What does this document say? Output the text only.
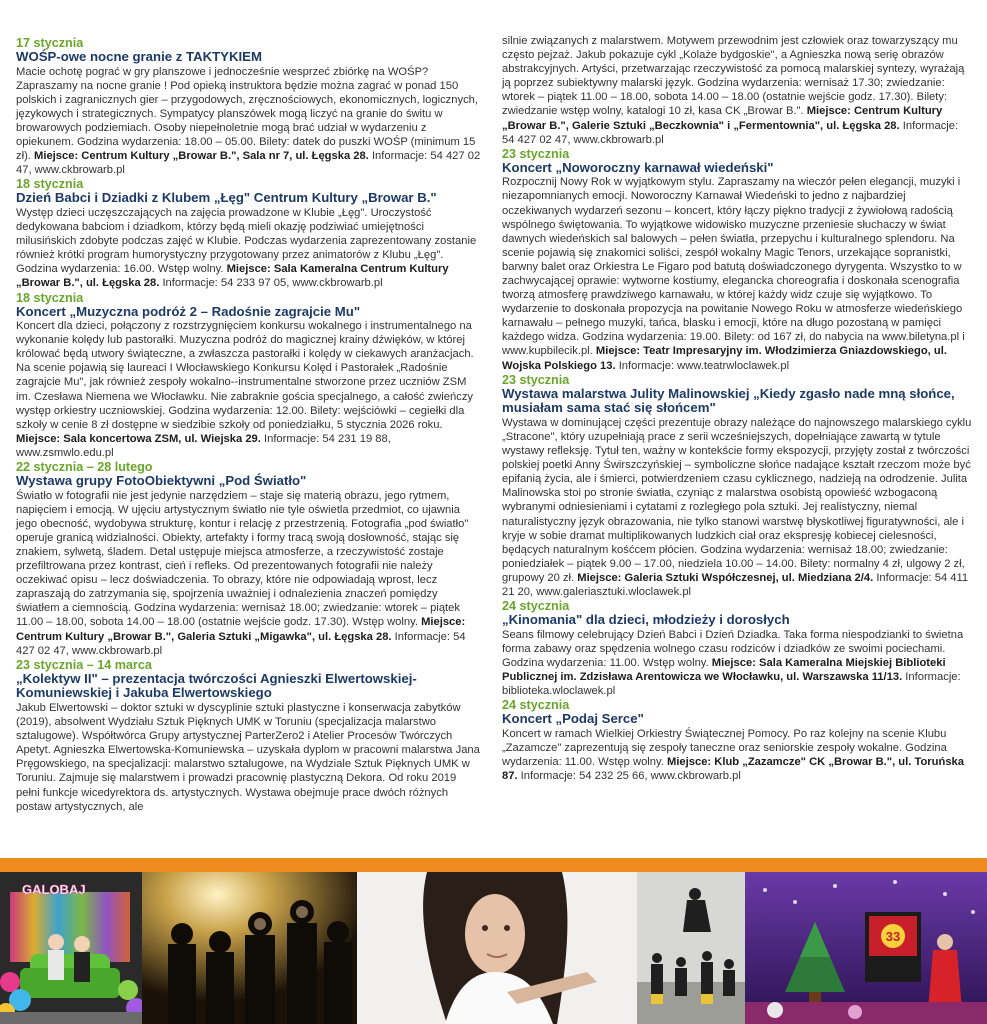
17 stycznia
WOŚP-owe nocne granie z TAKTYKIEM
Macie ochotę pograć w gry planszowe i jednocześnie wesprzeć zbiórkę na WOŚP? Zapraszamy na nocne granie ! Pod opieką instruktora będzie można zagrać w ponad 150 polskich i zagranicznych gier – przygodowych, zręcznościowych, ekonomicznych, logicznych, językowych i strategicznych. Sympatycy planszówek mogą liczyć na granie do świtu w browarowych podziemiach. Osoby niepełnoletnie mogą brać udział w wydarzeniu z opiekunem. Godzina wydarzenia: 18.00 – 05.00. Bilety: datek do puszki WOŚP (minimum 15 zł). Miejsce: Centrum Kultury „Browar B.", Sala nr 7, ul. Łęgska 28. Informacje: 54 427 02 47, www.ckbrowarb.pl
18 stycznia
Dzień Babci i Dziadki z Klubem „Łęg" Centrum Kultury „Browar B."
Występ dzieci uczęszczających na zajęcia prowadzone w Klubie „Łęg". Uroczystość dedykowana babciom i dziadkom, którzy będą mieli okazję podziwiać umiejętności milusińskich zdobyte podczas zajęć w Klubie. Podczas wydarzenia zaprezentowany zostanie również krótki program humorystyczny przygotowany przez animatorów z Klubu „Łęg". Godzina wydarzenia: 16.00. Wstęp wolny. Miejsce: Sala Kameralna Centrum Kultury „Browar B.", ul. Łęgska 28. Informacje: 54 233 97 05, www.ckbrowarb.pl
18 stycznia
Koncert „Muzyczna podróż 2 – Radośnie zagrajcie Mu"
Koncert dla dzieci, połączony z rozstrzygnięciem konkursu wokalnego i instrumentalnego na wykonanie kolędy lub pastorałki. Muzyczna podróż do magicznej krainy dźwięków, w której królować będą utwory świąteczne, a zwłaszcza pastorałki i kolędy w ciekawych aranżacjach. Na scenie pojawią się laureaci I Włocławskiego Konkursu Kolęd i Pastorałek „Radośnie zagrajcie Mu", jak również zespoły wokalno--instrumentalne stworzone przez uczniów ZSM im. Czesława Niemena we Włocławku. Nie zabraknie gościa specjalnego, a całość zwieńczy występ orkiestry uczniowskiej. Godzina wydarzenia: 12.00. Bilety: wejściówki – cegiełki dla szkoły w cenie 8 zł dostępne w siedzibie szkoły od poniedziałku, 5 stycznia 2026 roku. Miejsce: Sala koncertowa ZSM, ul. Wiejska 29. Informacje: 54 231 19 88, www.zsmwlo.edu.pl
22 stycznia – 28 lutego
Wystawa grupy FotoObiektywni „Pod Światło"
Światło w fotografii nie jest jedynie narzędziem – staje się materią obrazu, jego rytmem, napięciem i emocją. W ujęciu artystycznym światło nie tyle oświetla przedmiot, co ujawnia jego obecność, wydobywa strukturę, kontur i relację z przestrzenią. Fotografia „pod światło" operuje granicą widzialności. Obiekty, artefakty i formy tracą swoją dosłowność, stając się znakiem, sylwetą, śladem. Detal ustępuje miejsca atmosferze, a rzeczywistość zostaje przefiltrowana przez kontrast, cień i refleks. Od prezentowanych fotografii nie należy oczekiwać opisu – lecz doświadczenia. To obrazy, które nie odpowiadają wprost, lecz zapraszają do zatrzymania się, spojrzenia uważniej i odnalezienia znaczeń pomiędzy światłem a ciemnością. Godzina wydarzenia: wernisaż 18.00; zwiedzanie: wtorek – piątek 11.00 – 18.00, sobota 14.00 – 18.00 (ostatnie wejście godz. 17.30). Wstęp wolny. Miejsce: Centrum Kultury „Browar B.", Galeria Sztuki „Migawka", ul. Łęgska 28. Informacje: 54 427 02 47, www.ckbrowarb.pl
23 stycznia – 14 marca
„Kolektyw II" – prezentacja twórczości Agnieszki Elwertowskiej-Komuniewskiej i Jakuba Elwertowskiego
Jakub Elwertowski – doktor sztuki w dyscyplinie sztuki plastyczne i konserwacja zabytków (2019), absolwent Wydziału Sztuk Pięknych UMK w Toruniu (specjalizacja malarstwo sztalugowe). Współtwórca Grupy artystycznej ParterZero2 i Atelier Procesów Twórczych Apetyt. Agnieszka Elwertowska-Komuniewska – uzyskała dyplom w pracowni malarstwa Jana Pręgowskiego, na specjalizacji: malarstwo sztalugowe, na Wydziale Sztuk Pięknych UMK w Toruniu. Zajmuje się malarstwem i prowadzi pracownię plastyczną Dekora. Od roku 2019 pełni funkcje wicedyrektora ds. artystycznych. Wystawa obejmuje prace dwóch różnych postaw artystycznych, ale
silnie związanych z malarstwem. Motywem przewodnim jest człowiek oraz towarzyszący mu często pejzaż. Jakub pokazuje cykl „Kolaże bydgoskie", a Agnieszka nową serię obrazów abstrakcyjnych. Artyści, przetwarzając rzeczywistość za pomocą malarskiej syntezy, wyrażają ją poprzez subiektywny malarski język. Godzina wydarzenia: wernisaż 17.30; zwiedzanie: wtorek – piątek 11.00 – 18.00, sobota 14.00 – 18.00 (ostatnie wejście godz. 17.30). Bilety: zwiedzanie wstęp wolny, katalogi 10 zł, kasa CK „Browar B.". Miejsce: Centrum Kultury „Browar B.", Galerie Sztuki „Beczkownia" i „Fermentownia", ul. Łęgska 28. Informacje: 54 427 02 47, www.ckbrowarb.pl
23 stycznia
Koncert „Noworoczny karnawał wiedeński"
Rozpocznij Nowy Rok w wyjątkowym stylu. Zapraszamy na wieczór pełen elegancji, muzyki i niezapomnianych emocji. Noworoczny Karnawał Wiedeński to jedno z najbardziej oczekiwanych wydarzeń sezonu – koncert, który łączy piękno tradycji z żywiołową radością wspólnego świętowania. To wyjątkowe widowisko muzyczne przeniesie słuchaczy w świat dawnych wiedeńskich sal balowych – pełen światła, przepychu i kulturalnego splendoru. Na scenie pojawią się znakomici soliści, zespół wokalny Magic Tenors, urzekające sopranistki, barwny balet oraz Orkiestra Le Figaro pod batutą doświadczonego dyrygenta. Wszystko to w zachwycającej oprawie: wytworne kostiumy, elegancka choreografia i doskonała scenografia tworzą atmosferę prawdziwego karnawału, w której każdy widz czuje się wyjątkowo. To wydarzenie to doskonała propozycja na powitanie Nowego Roku w atmosferze wiedeńskiego karnawału – pełnego muzyki, tańca, blasku i emocji, które na długo pozostaną w pamięci każdego widza. Godzina wydarzenia: 19.00. Bilety: od 167 zł, do nabycia na www.biletyna.pl i www.kupbilecik.pl. Miejsce: Teatr Impresaryjny im. Włodzimierza Gniazdowskiego, ul. Wojska Polskiego 13. Informacje: www.teatrwloclawek.pl
23 stycznia
Wystawa malarstwa Julity Malinowskiej „Kiedy zgasło nade mną słońce, musiałam sama stać się słońcem"
Wystawa w dominującej części prezentuje obrazy należące do najnowszego malarskiego cyklu „Stracone", który uzupełniają prace z serii wcześniejszych, dopełniające zawartą w tytule wystawy refleksję. Tytuł ten, ważny w kontekście formy ekspozycji, przyjęty został z twórczości polskiej poetki Anny Świrszczyńskiej – symboliczne słońce nadające kształt rzeczom może być epifanią życia, ale i śmierci, potwierdzeniem czasu cyklicznego, nadzieją na odrodzenie. Julita Malinowska stoi po stronie światła, czyniąc z malarstwa osobistą opowieść wzbogaconą wybranymi odniesieniami i cytatami z rozległego pola sztuki. Jej realistyczny, niemal naturalistyczny język obrazowania, nie tylko stanowi warstwę błyskotliwej figuratywności, ale i kryje w sobie dramat multiplikowanych ludzkich ciał oraz ekspresję kobiecej cielesności, będących naturalnym kośćcem płócien. Godzina wydarzenia: wernisaż 18.00; zwiedzanie: poniedziałek – piątek 9.00 – 17.00, niedziela 10.00 – 14.00. Bilety: normalny 4 zł, ulgowy 2 zł, grupowy 20 zł. Miejsce: Galeria Sztuki Współczesnej, ul. Miedziana 2/4. Informacje: 54 411 21 20, www.galeriasztuki.wloclawek.pl
24 stycznia
„Kinomania" dla dzieci, młodzieży i dorosłych
Seans filmowy celebrujący Dzień Babci i Dzień Dziadka. Taka forma niespodzianki to świetna forma zabawy oraz spędzenia wolnego czasu rodziców i dziadków ze swoimi pociechami. Godzina wydarzenia: 11.00. Wstęp wolny. Miejsce: Sala Kameralna Miejskiej Biblioteki Publicznej im. Zdzisława Arentowicza we Włocławku, ul. Warszawska 11/13. Informacje: biblioteka.wloclawek.pl
24 stycznia
Koncert „Podaj Serce"
Koncert w ramach Wielkiej Orkiestry Świątecznej Pomocy. Po raz kolejny na scenie Klubu „Zazamcze" zaprezentują się zespoły taneczne oraz seniorskie zespoły wokalne. Godzina wydarzenia: 11.00. Wstęp wolny. Miejsce: Klub „Zazamcze" CK „Browar B.", ul. Toruńska 87. Informacje: 54 232 25 66, www.ckbrowarb.pl
GALOBAJ
33
